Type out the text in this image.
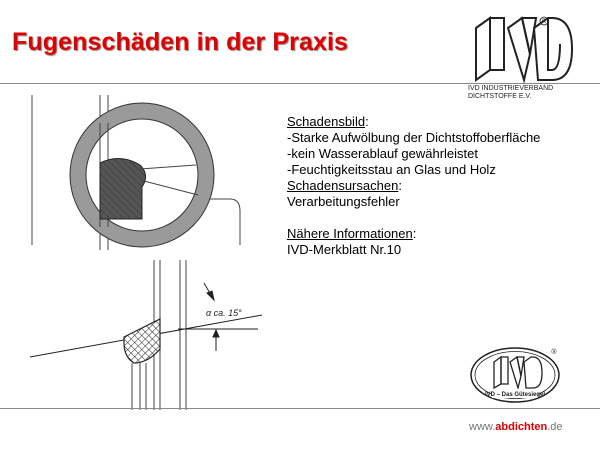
Fugenschäden in der Praxis
R
IVD INDUSTRIEVERBAND
DICHTSTOFFE E.V.
Schadensbild:
-Starke Aufwölbung der Dichtstoffoberfläche
-kein Wasserablauf gewährleistet
-Feuchtigkeitsstau an Glas und Holz
Schadensursachen:
Verarbeitungsfehler
Nähere Informationen:
IVD-Merkblatt Nr.10
α ca. 15°
IVD – Das Gütesiegel
®
www.abdichten.de
